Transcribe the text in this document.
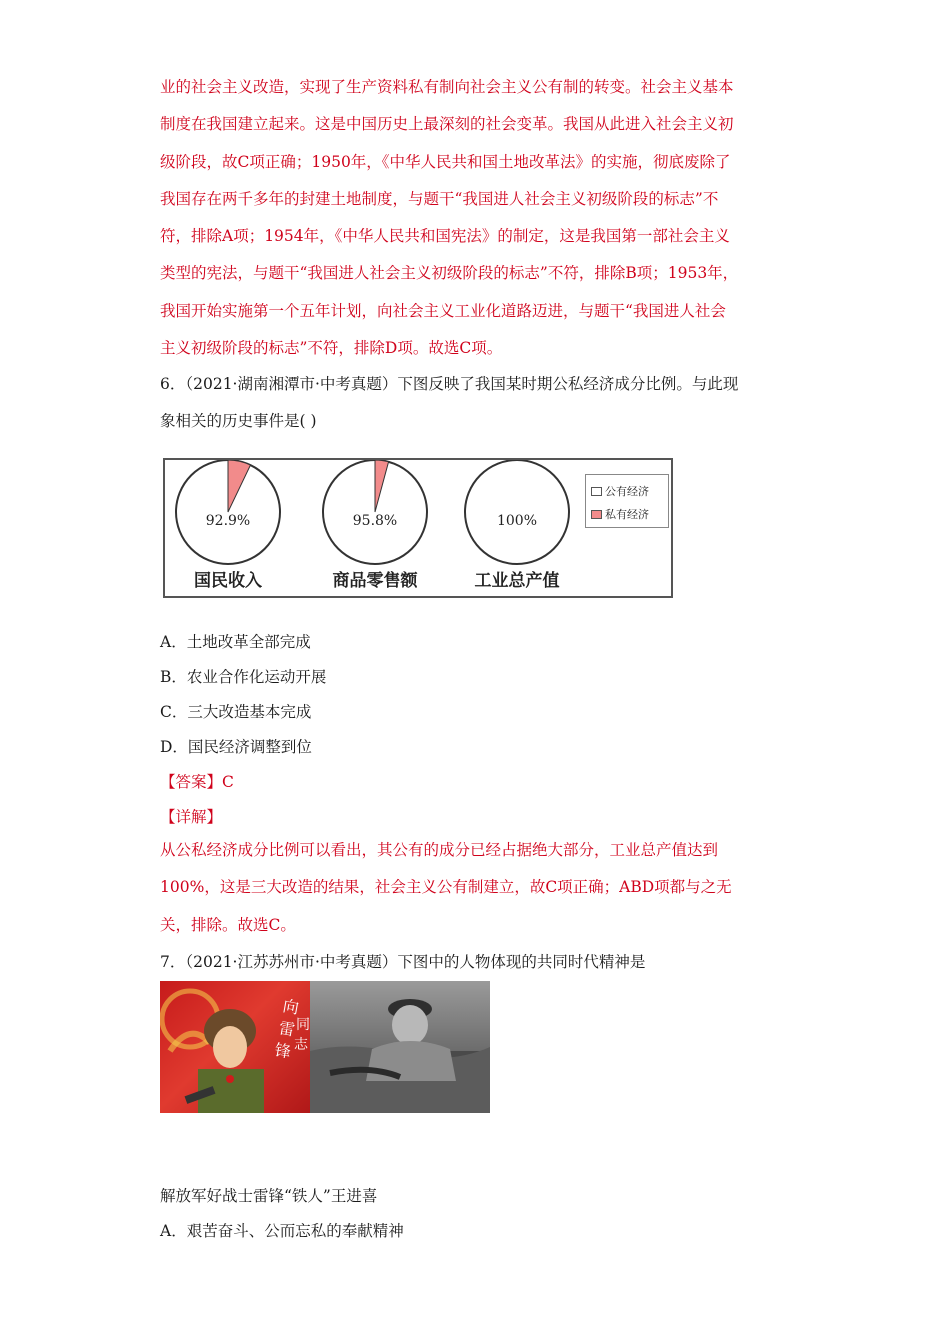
业的社会主义改造，实现了生产资料私有制向社会主义公有制的转变。社会主义基本
制度在我国建立起来。这是中国历史上最深刻的社会变革。我国从此进入社会主义初
级阶段，故C项正确；1950年，《中华人民共和国土地改革法》的实施，彻底废除了
我国存在两千多年的封建土地制度，与题干“我国进人社会主义初级阶段的标志”不
符，排除A项；1954年，《中华人民共和国宪法》的制定，这是我国第一部社会主义
类型的宪法，与题干“我国进人社会主义初级阶段的标志”不符，排除B项；1953年，
我国开始实施第一个五年计划，向社会主义工业化道路迈进，与题干“我国进人社会
主义初级阶段的标志”不符，排除D项。故选C项。
6．（2021·湖南湘潭市·中考真题）下图反映了我国某时期公私经济成分比例。与此现
象相关的历史事件是( )
92.9%
国民收入
95.8%
商品零售额
100%
工业总产值
公有经济
私有经济
A．土地改革全部完成
B．农业合作化运动开展
C．三大改造基本完成
D．国民经济调整到位
【答案】C
【详解】
从公私经济成分比例可以看出，其公有的成分已经占据绝大部分，工业总产值达到
100%，这是三大改造的结果，社会主义公有制建立，故C项正确；ABD项都与之无
关，排除。故选C。
7．（2021·江苏苏州市·中考真题）下图中的人物体现的共同时代精神是
向
雷
锋
同
志
解放军好战士雷锋“铁人”王进喜
A．艰苦奋斗、公而忘私的奉献精神
